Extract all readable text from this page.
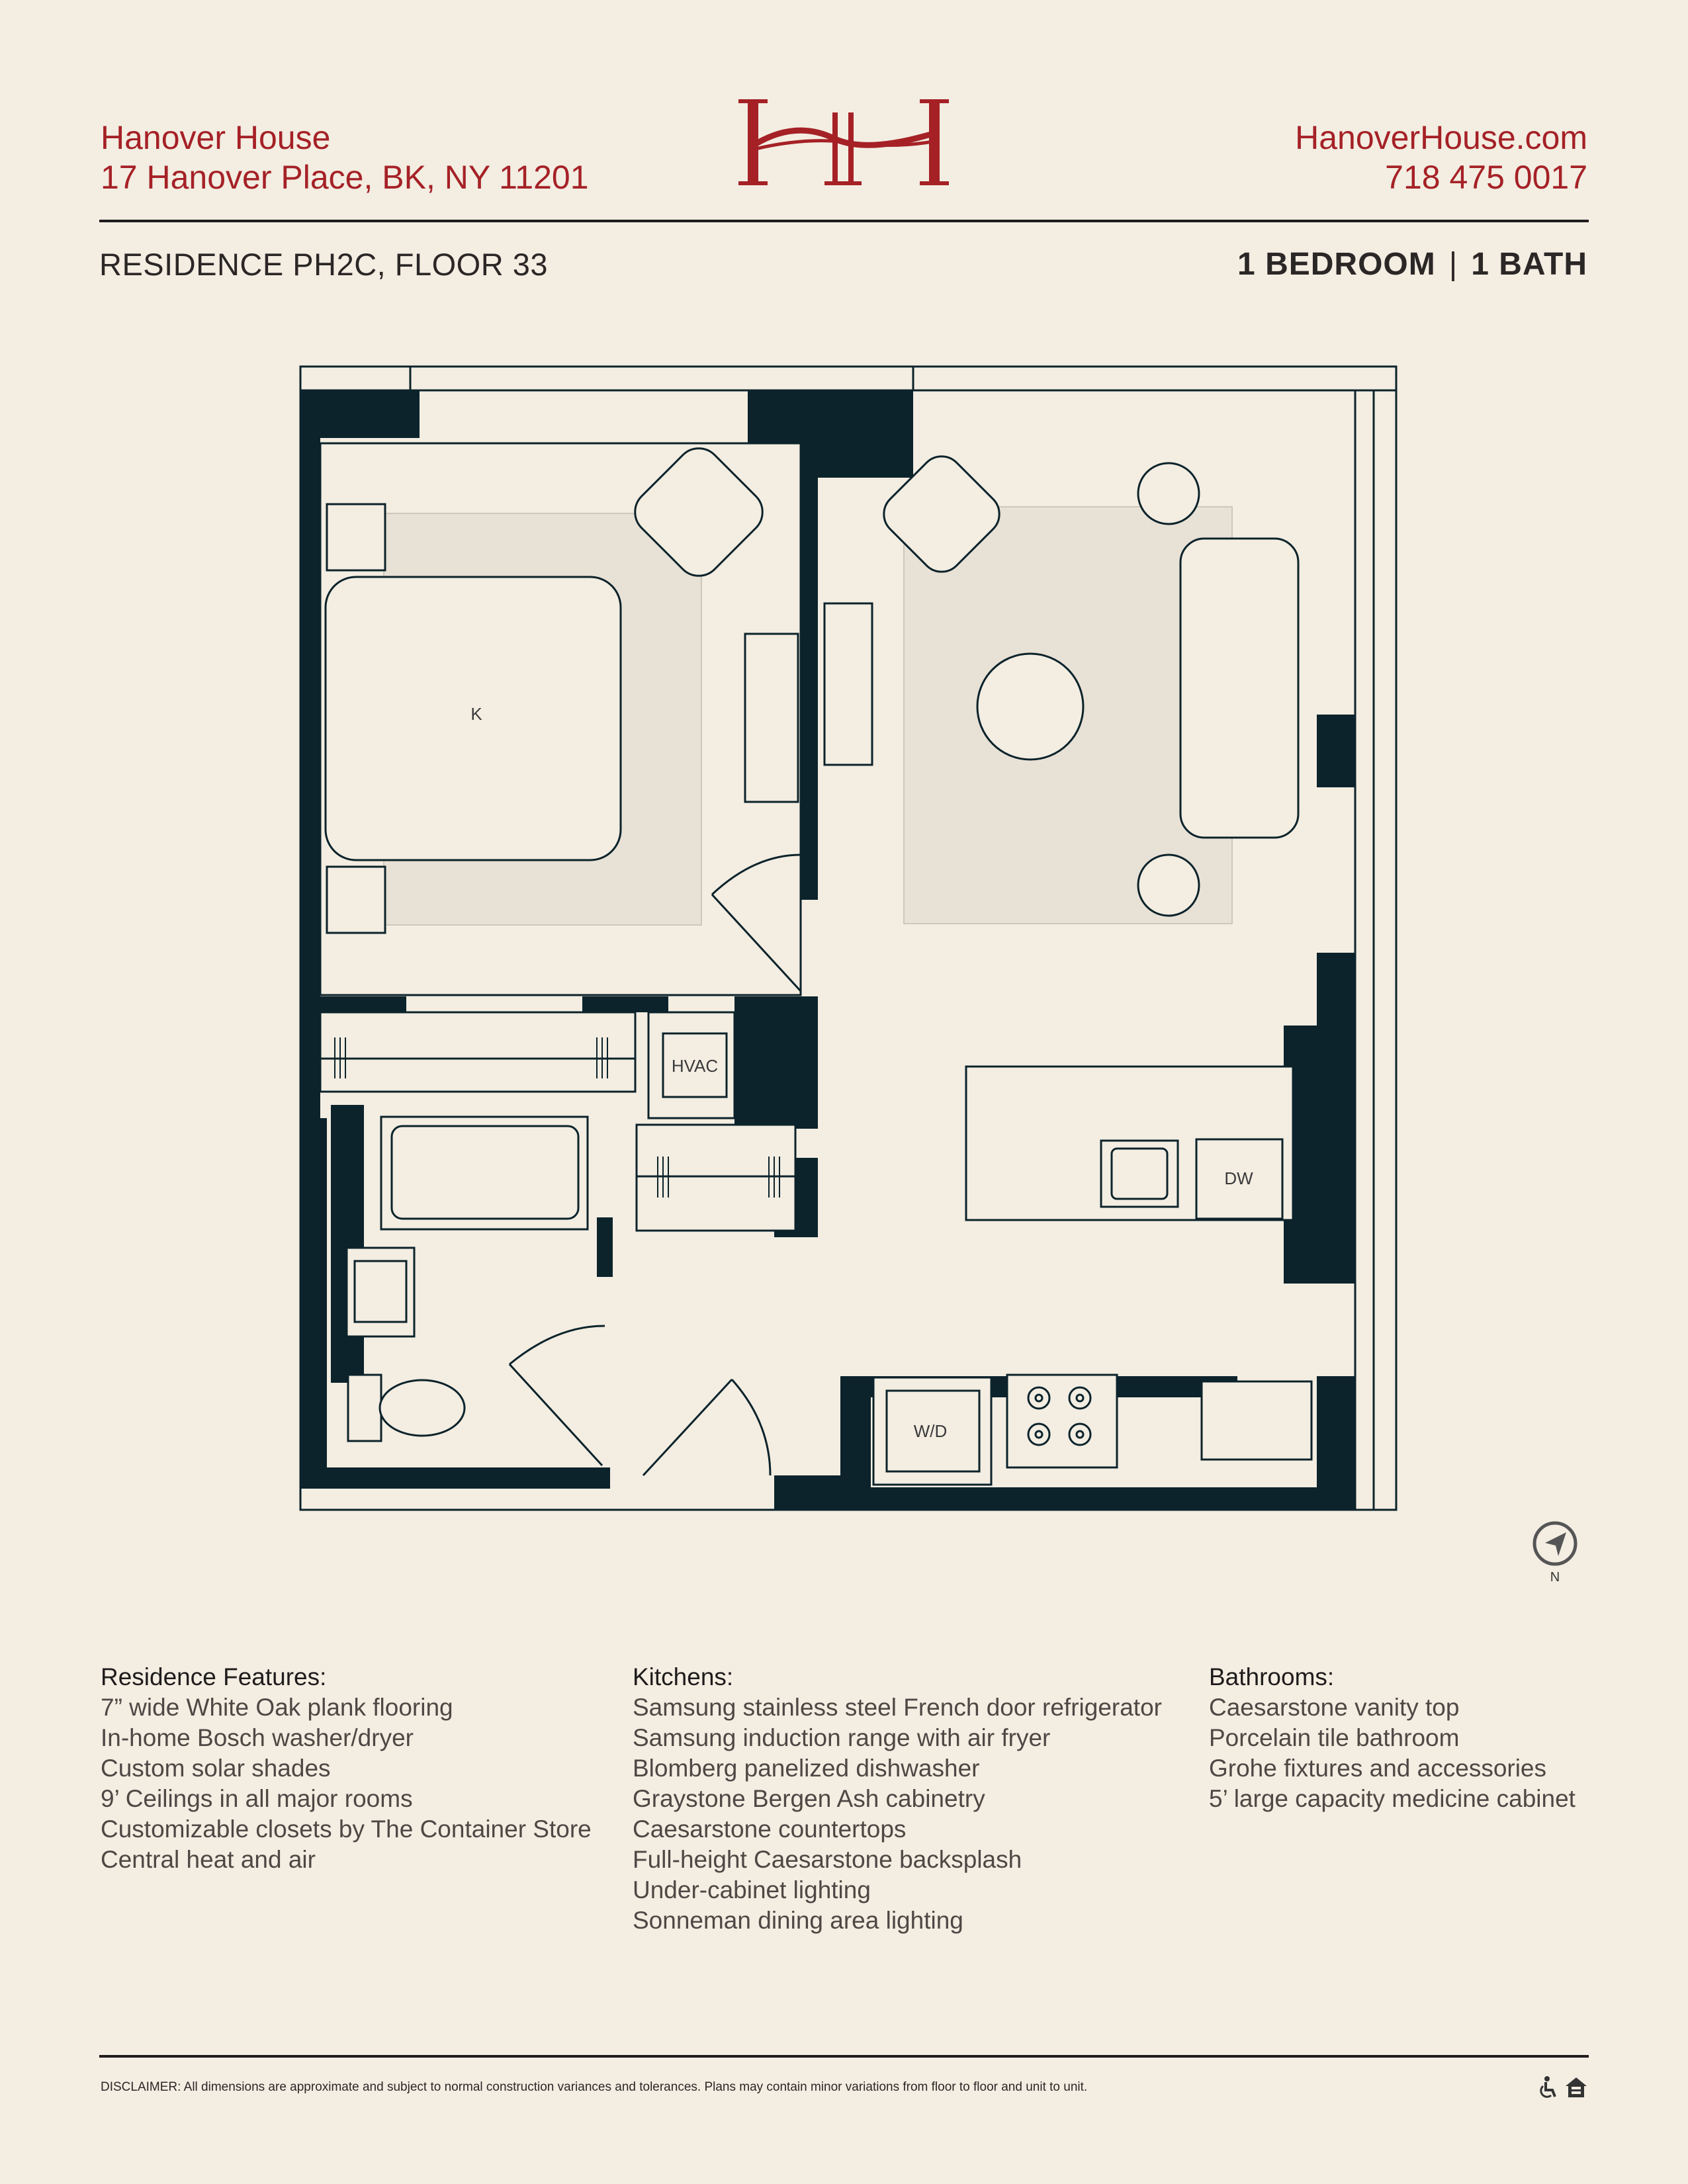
Hanover House
17 Hanover Place, BK, NY 11201
HanoverHouse.com
718 475 0017
RESIDENCE PH2C, FLOOR 33	1 BEDROOM | 1 BATH
K
HVAC
DW
W/D
N
Residence Features:
7” wide White Oak plank flooring
In-home Bosch washer/dryer
Custom solar shades
9’ Ceilings in all major rooms
Customizable closets by The Container Store
Central heat and air
Kitchens:
Samsung stainless steel French door refrigerator
Samsung induction range with air fryer
Blomberg panelized dishwasher
Graystone Bergen Ash cabinetry
Caesarstone countertops
Full-height Caesarstone backsplash
Under-cabinet lighting
Sonneman dining area lighting
Bathrooms:
Caesarstone vanity top
Porcelain tile bathroom
Grohe fixtures and accessories
5’ large capacity medicine cabinet
DISCLAIMER: All dimensions are approximate and subject to normal construction variances and tolerances. Plans may contain minor variations from floor to floor and unit to unit.
